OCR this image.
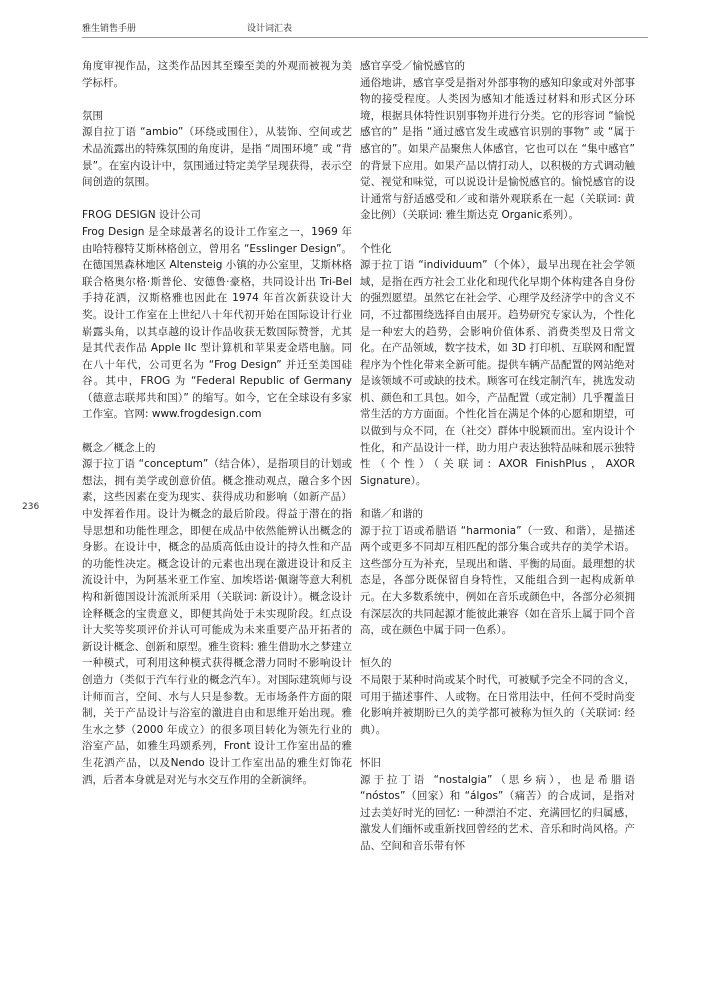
雅生销售手册	设计词汇表
236
角度审视作品，这类作品因其至臻至美的外观而被视为美学标杆。
氛围
源自拉丁语 “ambio”（环绕或围住），从装饰、空间或艺术品流露出的特殊氛围的角度讲，是指 “周围环境” 或 “背景”。在室内设计中，氛围通过特定美学呈现获得，表示空间创造的氛围。
FROG DESIGN 设计公司
Frog Design 是全球最著名的设计工作室之一，1969 年由哈特穆特艾斯林格创立，曾用名 “Esslinger Design”。在德国黑森林地区 Altensteig 小镇的办公室里，艾斯林格联合格奥尔格·斯普伦、安德鲁·豪格，共同设计出 Tri-Bel 手持花洒，汉斯格雅也因此在 1974 年首次新获设计大奖。设计工作室在上世纪八十年代初开始在国际设计行业崭露头角，以其卓越的设计作品收获无数国际赞誉，尤其是其代表作品 Apple IIc 型计算机和苹果麦金塔电脑。同在八十年代，公司更名为 “Frog Design” 并迁至美国硅谷。其中，FROG 为 “Federal Republic of Germany（德意志联邦共和国）” 的缩写。如今，它在全球设有多家工作室。官网: www.frogdesign.com
概念／概念上的
源于拉丁语 “conceptum”（结合体），是指项目的计划或想法，拥有美学或创意价值。概念推动观点，融合多个因素，这些因素在变为现实、获得成功和影响（如新产品）中发挥着作用。设计为概念的最后阶段。得益于潜在的指导思想和功能性理念，即便在成品中依然能辨认出概念的身影。在设计中，概念的品质高低由设计的持久性和产品的功能性决定。概念设计的元素也出现在激进设计和反主流设计中，为阿基米亚工作室、加埃塔诺·佩谢等意大利机构和新德国设计流派所采用（关联词: 新设计）。概念设计诠释概念的宝贵意义，即便其尚处于未实现阶段。红点设计大奖等奖项评价并认可可能成为未来重要产品开拓者的新设计概念、创新和原型。雅生资料: 雅生借助水之梦建立一种模式，可利用这种模式获得概念潜力同时不影响设计创造力（类似于汽车行业的概念汽车）。对国际建筑师与设计师而言，空间、水与人只是参数。无市场条件方面的限制，关于产品设计与浴室的激进自由和思维开始出现。雅生水之梦（2000 年成立）的很多项目转化为领先行业的浴室产品，如雅生玛颂系列，Front 设计工作室出品的雅生花洒产品，以及Nendo 设计工作室出品的雅生灯饰花洒，后者本身就是对光与水交互作用的全新演绎。
感官享受／愉悦感官的
通俗地讲，感官享受是指对外部事物的感知印象或对外部事物的接受程度。人类因为感知才能透过材料和形式区分环境，根据具体特性识别事物并进行分类。它的形容词 “愉悦感官的” 是指 “通过感官发生或感官识别的事物” 或 “属于感官的”。如果产品聚焦人体感官，它也可以在 “集中感官” 的背景下应用。如果产品以情打动人，以积极的方式调动触觉、视觉和味觉，可以说设计是愉悦感官的。愉悦感官的设计通常与舒适感受和／或和谐外观联系在一起（关联词: 黄金比例）（关联词: 雅生斯达克 Organic系列）。
个性化
源于拉丁语 “individuum”（个体），最早出现在社会学领域，是指在西方社会工业化和现代化早期个体构建各自身份的强烈愿望。虽然它在社会学、心理学及经济学中的含义不同，不过都围绕选择自由展开。趋势研究专家认为，个性化是一种宏大的趋势，会影响价值体系、消费类型及日常文化。在产品领域，数字技术，如 3D 打印机、互联网和配置程序为个性化带来全新可能。提供车辆产品配置的网站绝对是该领域不可或缺的技术。顾客可在线定制汽车，挑选发动机、颜色和工具包。如今，产品配置（或定制）几乎覆盖日常生活的方方面面。个性化旨在满足个体的心愿和期望，可以做到与众不同，在（社交）群体中脱颖而出。室内设计个性化，和产品设计一样，助力用户表达独特品味和展示独特性（个性）（关联词: AXOR FinishPlus，AXOR Signature）。
和谐／和谐的
源于拉丁语或希腊语 “harmonia”（一致、和谐），是描述两个或更多不同却互相匹配的部分集合或共存的美学术语。这些部分互为补充，呈现出和谐、平衡的局面。最理想的状态是，各部分既保留自身特性，又能组合到一起构成新单元。在大多数系统中，例如在音乐或颜色中，各部分必须拥有深层次的共同起源才能彼此兼容（如在音乐上属于同个音高，或在颜色中属于同一色系）。
恒久的
不局限于某种时尚或某个时代，可被赋予完全不同的含义，可用于描述事件、人或物。在日常用法中，任何不受时尚变化影响并被期盼已久的美学都可被称为恒久的（关联词: 经典）。
怀旧
源于拉丁语 “nostalgia”（思乡病），也是希腊语 “nóstos”（回家）和 “álgos”（痛苦）的合成词，是指对过去美好时光的回忆: 一种漂泊不定、充满回忆的归属感，激发人们缅怀或重新找回曾经的艺术、音乐和时尚风格。产品、空间和音乐带有怀
